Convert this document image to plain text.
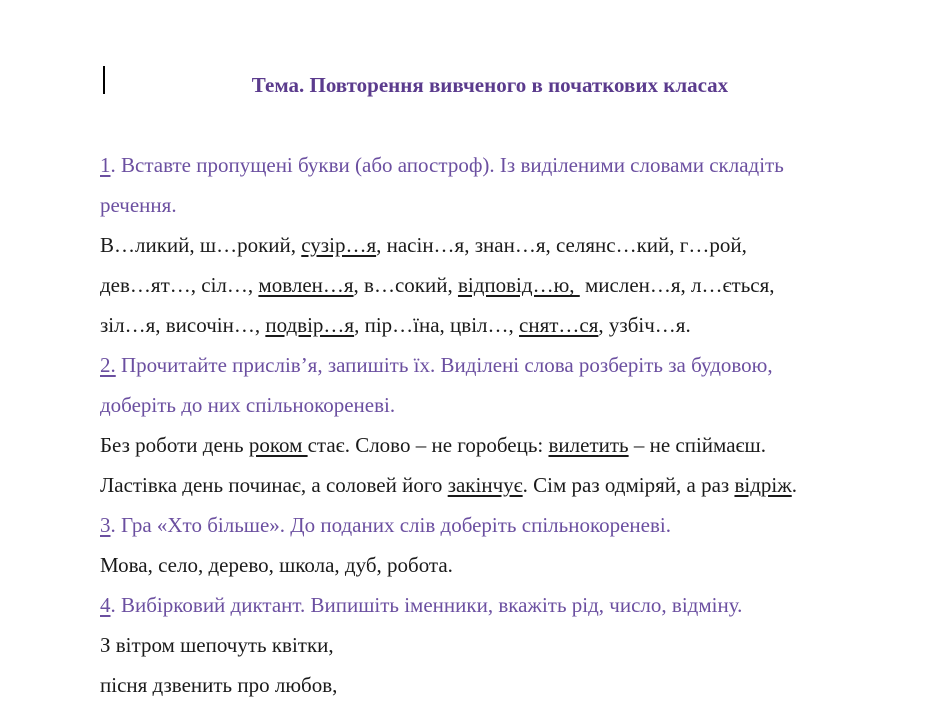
Тема. Повторення вивченого в початкових класах
1. Вставте пропущені букви (або апостроф). Із виділеними словами складіть
речення.
В…ликий, ш…рокий, сузір…я, насін…я, знан…я, селянс…кий, г…рой,
дев…ят…, сіл…, мовлен…я, в…сокий, відповід…ю,  мислен…я, л…ється,
зіл…я, височін…, подвір…я, пір…їна, цвіл…, снят…ся, узбіч…я.
2. Прочитайте прислів’я, запишіть їх. Виділені слова розберіть за будовою,
доберіть до них спільнокореневі.
Без роботи день роком стає. Слово – не горобець: вилетить – не спіймаєш.
Ластівка день починає, а соловей його закінчує. Сім раз одміряй, а раз відріж.
3. Гра «Хто більше». До поданих слів доберіть спільнокореневі.
Мова, село, дерево, школа, дуб, робота.
4. Вибірковий диктант. Випишіть іменники, вкажіть рід, число, відміну.
З вітром шепочуть квітки,
пісня дзвенить про любов,
